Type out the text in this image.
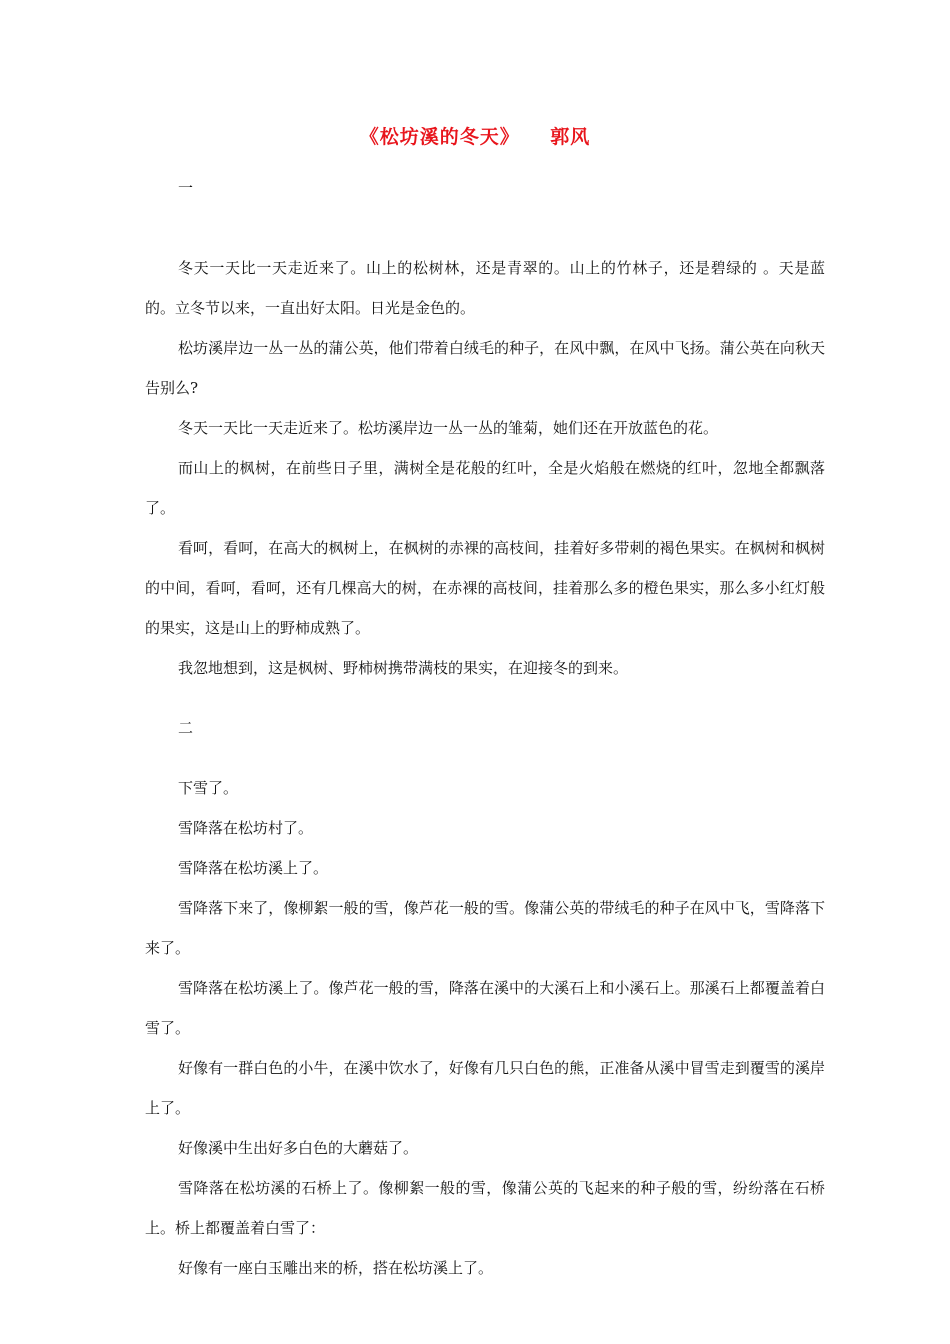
《松坊溪的冬天》    郭风

一

冬天一天比一天走近来了。山上的松树林，还是青翠的。山上的竹林子，还是碧绿的 。天是蓝的。立冬节以来，一直出好太阳。日光是金色的。

松坊溪岸边一丛一丛的蒲公英，他们带着白绒毛的种子，在风中飘，在风中飞扬。蒲公英在向秋天告别么?

冬天一天比一天走近来了。松坊溪岸边一丛一丛的雏菊，她们还在开放蓝色的花。

而山上的枫树，在前些日子里，满树全是花般的红叶，全是火焰般在燃烧的红叶，忽地全都飘落了。

看呵，看呵，在高大的枫树上，在枫树的赤裸的高枝间，挂着好多带刺的褐色果实。在枫树和枫树的中间，看呵，看呵，还有几棵高大的树，在赤裸的高枝间，挂着那么多的橙色果实，那么多小红灯般的果实，这是山上的野柿成熟了。

我忽地想到，这是枫树、野柿树携带满枝的果实，在迎接冬的到来。

二

下雪了。

雪降落在松坊村了。

雪降落在松坊溪上了。

雪降落下来了，像柳絮一般的雪，像芦花一般的雪。像蒲公英的带绒毛的种子在风中飞，雪降落下来了。

雪降落在松坊溪上了。像芦花一般的雪，降落在溪中的大溪石上和小溪石上。那溪石上都覆盖着白雪了。

好像有一群白色的小牛，在溪中饮水了，好像有几只白色的熊，正准备从溪中冒雪走到覆雪的溪岸上了。

好像溪中生出好多白色的大蘑菇了。

雪降落在松坊溪的石桥上了。像柳絮一般的雪，像蒲公英的飞起来的种子般的雪，纷纷落在石桥上。桥上都覆盖着白雪了：

好像有一座白玉雕出来的桥，搭在松坊溪上了。
